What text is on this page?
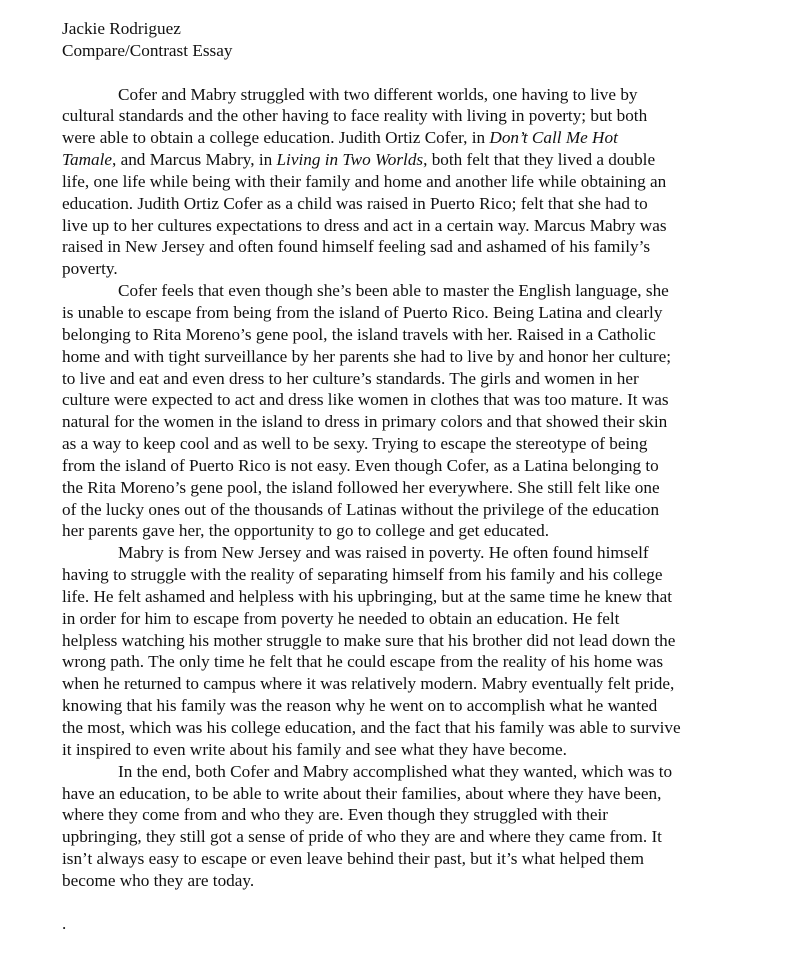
Jackie Rodriguez

Compare/Contrast Essay

Cofer and Mabry struggled with two different worlds, one having to live by
cultural standards and the other having to face reality with living in poverty; but both
were able to obtain a college education. Judith Ortiz Cofer, in Don’t Call Me Hot
Tamale, and Marcus Mabry, in Living in Two Worlds, both felt that they lived a double
life, one life while being with their family and home and another life while obtaining an
education. Judith Ortiz Cofer as a child was raised in Puerto Rico; felt that she had to
live up to her cultures expectations to dress and act in a certain way. Marcus Mabry was
raised in New Jersey and often found himself feeling sad and ashamed of his family’s
poverty.

Cofer feels that even though she’s been able to master the English language, she
is unable to escape from being from the island of Puerto Rico. Being Latina and clearly
belonging to Rita Moreno’s gene pool, the island travels with her. Raised in a Catholic
home and with tight surveillance by her parents she had to live by and honor her culture;
to live and eat and even dress to her culture’s standards. The girls and women in her
culture were expected to act and dress like women in clothes that was too mature. It was
natural for the women in the island to dress in primary colors and that showed their skin
as a way to keep cool and as well to be sexy. Trying to escape the stereotype of being
from the island of Puerto Rico is not easy. Even though Cofer, as a Latina belonging to
the Rita Moreno’s gene pool, the island followed her everywhere. She still felt like one
of the lucky ones out of the thousands of Latinas without the privilege of the education
her parents gave her, the opportunity to go to college and get educated.

Mabry is from New Jersey and was raised in poverty. He often found himself
having to struggle with the reality of separating himself from his family and his college
life. He felt ashamed and helpless with his upbringing, but at the same time he knew that
in order for him to escape from poverty he needed to obtain an education. He felt
helpless watching his mother struggle to make sure that his brother did not lead down the
wrong path. The only time he felt that he could escape from the reality of his home was
when he returned to campus where it was relatively modern. Mabry eventually felt pride,
knowing that his family was the reason why he went on to accomplish what he wanted
the most, which was his college education, and the fact that his family was able to survive
it inspired to even write about his family and see what they have become.

In the end, both Cofer and Mabry accomplished what they wanted, which was to
have an education, to be able to write about their families, about where they have been,
where they come from and who they are. Even though they struggled with their
upbringing, they still got a sense of pride of who they are and where they came from. It
isn’t always easy to escape or even leave behind their past, but it’s what helped them
become who they are today.

.
